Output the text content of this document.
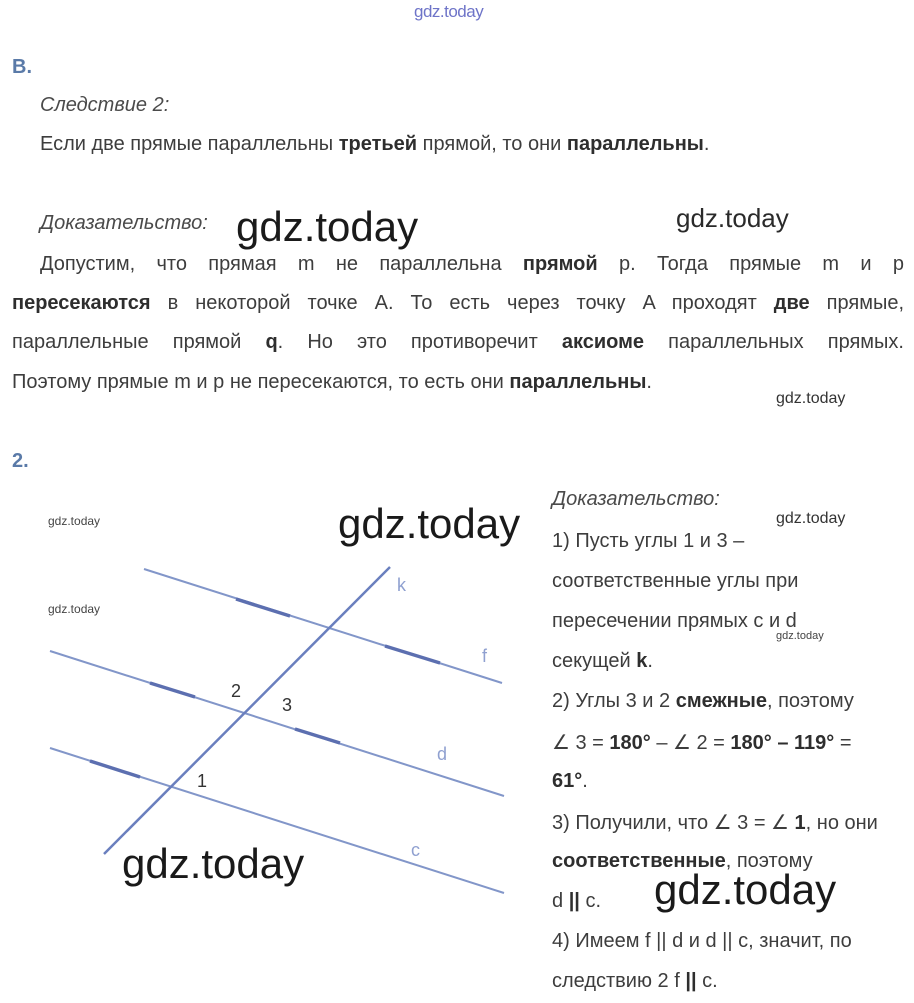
gdz.today
В.
Следствие 2:
Если две прямые параллельны третьей прямой, то они параллельны.
Доказательство:
Допустим, что прямая m не параллельна прямой p. Тогда прямые m и p
пересекаются в некоторой точке A. То есть через точку A проходят две прямые,
параллельные прямой q. Но это противоречит аксиоме параллельных прямых.
Поэтому прямые m и p не пересекаются, то есть они параллельны.
gdz.today	gdz.today
gdz.today
2.
k
f
d
c
2
3
1
gdz.today
gdz.today
gdz.today
gdz.today
Доказательство:
1) Пусть углы 1 и 3 –
соответственные углы при
пересечении прямых c и d
секущей k.
2) Углы 3 и 2 смежные, поэтому
∠ 3 = 180° – ∠ 2 = 180° – 119° =
61°.
3) Получили, что ∠ 3 = ∠ 1, но они
соответственные, поэтому
d || c.
4) Имеем f || d и d || c, значит, по
следствию 2 f || c.
gdz.today
gdz.today
gdz.today
